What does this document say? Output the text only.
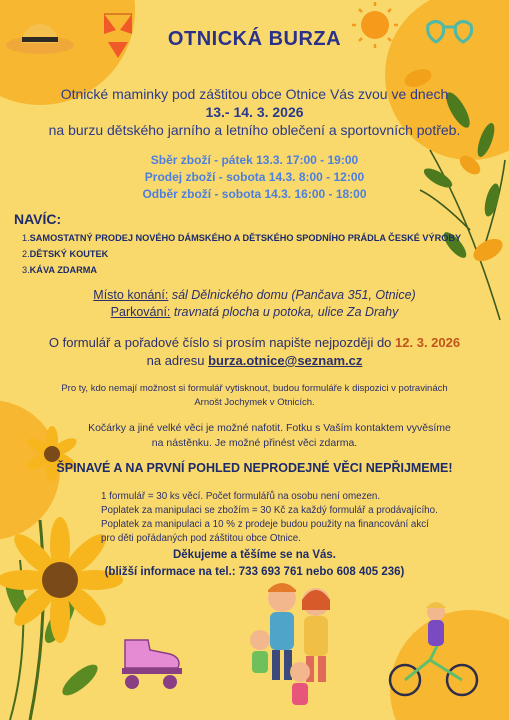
OTNICKÁ BURZA
Otnické maminky pod záštitou obce Otnice Vás zvou ve dnech
13.- 14. 3. 2026
na burzu dětského jarního a letního oblečení a sportovních potřeb.
Sběr zboží - pátek 13.3. 17:00 - 19:00
Prodej zboží - sobota 14.3. 8:00 - 12:00
Odběr zboží - sobota 14.3. 16:00 - 18:00
NAVÍC:
1.SAMOSTATNÝ PRODEJ NOVÉHO DÁMSKÉHO A DĚTSKÉHO SPODNÍHO PRÁDLA ČESKÉ VÝROBY
2.DĚTSKÝ KOUTEK
3.KÁVA ZDARMA
Místo konání: sál Dělnického domu (Pančava 351, Otnice)
Parkování: travnatá plocha u potoka, ulice Za Drahy
O formulář a pořadové číslo si prosím napište nejpozději do 12. 3. 2026
na adresu burza.otnice@seznam.cz
Pro ty, kdo nemají možnost si formulář vytisknout, budou formuláře k dispozici v potravinách
Arnošt Jochymek v Otnicích.
Kočárky a jiné velké věci je možné nafotit. Fotku s Vaším kontaktem vyvěsíme
na nástěnku. Je možné přinést věci zdarma.
ŠPINAVÉ A NA PRVNÍ POHLED NEPRODEJNÉ VĚCI NEPŘIJMEME!
1 formulář = 30 ks věcí. Počet formulářů na osobu není omezen.
Poplatek za manipulaci se zbožím = 30 Kč za každý formulář a prodávajícího.
Poplatek za manipulaci a 10 % z prodeje budou použity na financování akcí
pro děti pořádaných pod záštitou obce Otnice.
Děkujeme a těšíme se na Vás.
(bližší informace na tel.: 733 693 761 nebo 608 405 236)
